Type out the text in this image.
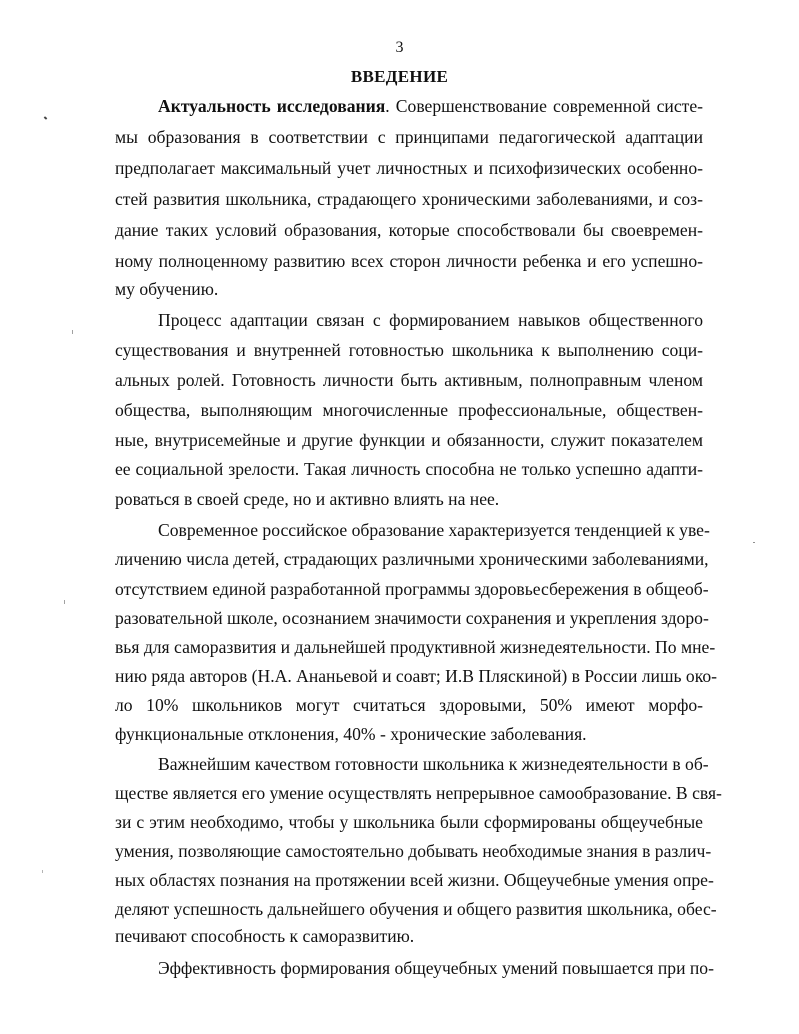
3
ВВЕДЕНИЕ
Актуальность исследования. Совершенствование современной систе-
мы образования в соответствии с принципами педагогической адаптации
предполагает максимальный учет личностных и психофизических особенно-
стей развития школьника, страдающего хроническими заболеваниями, и соз-
дание таких условий образования, которые способствовали бы своевремен-
ному полноценному развитию всех сторон личности ребенка и его успешно-
му обучению.
Процесс адаптации связан с формированием навыков общественного
существования и внутренней готовностью школьника к выполнению соци-
альных ролей. Готовность личности быть активным, полноправным членом
общества, выполняющим многочисленные профессиональные, обществен-
ные, внутрисемейные и другие функции и обязанности, служит показателем
ее социальной зрелости. Такая личность способна не только успешно адапти-
роваться в своей среде, но и активно влиять на нее.
Современное российское образование характеризуется тенденцией к уве-
личению числа детей, страдающих различными хроническими заболеваниями,
отсутствием единой разработанной программы здоровьесбережения в общеоб-
разовательной школе, осознанием значимости сохранения и укрепления здоро-
вья для саморазвития и дальнейшей продуктивной жизнедеятельности. По мне-
нию ряда авторов (Н.А. Ананьевой и соавт; И.В Пляскиной) в России лишь око-
ло 10% школьников могут считаться здоровыми, 50% имеют морфо-
функциональные отклонения, 40% - хронические заболевания.
Важнейшим качеством готовности школьника к жизнедеятельности в об-
ществе является его умение осуществлять непрерывное самообразование. В свя-
зи с этим необходимо, чтобы у школьника были сформированы общеучебные
умения, позволяющие самостоятельно добывать необходимые знания в различ-
ных областях познания на протяжении всей жизни. Общеучебные умения опре-
деляют успешность дальнейшего обучения и общего развития школьника, обес-
печивают способность к саморазвитию.
Эффективность формирования общеучебных умений повышается при по-
